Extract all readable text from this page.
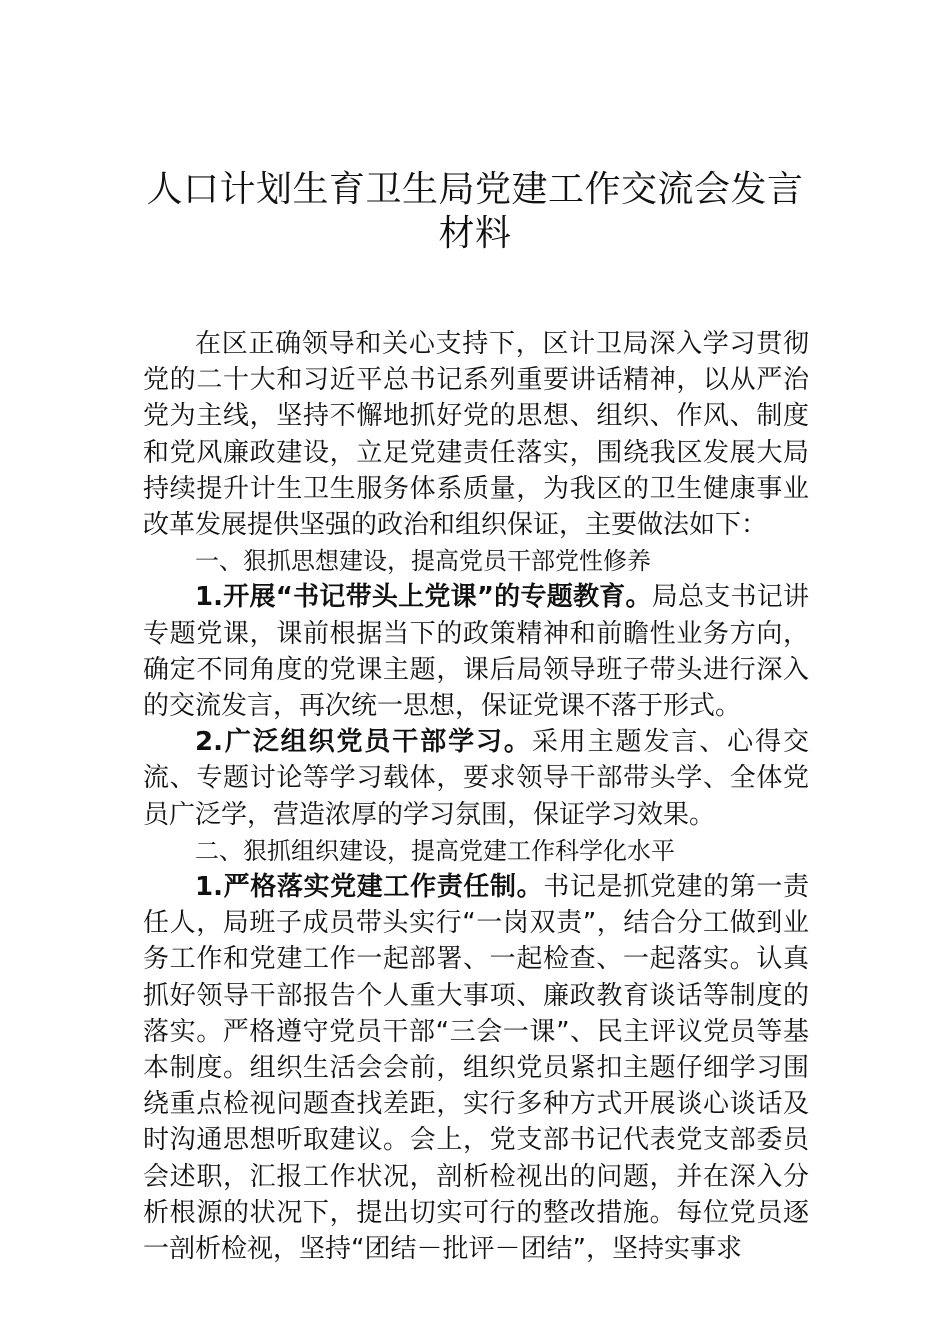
人口计划生育卫生局党建工作交流会发言
材料

在区正确领导和关心支持下，区计卫局深入学习贯彻党的二十大和习近平总书记系列重要讲话精神，以从严治党为主线，坚持不懈地抓好党的思想、组织、作风、制度和党风廉政建设，立足党建责任落实，围绕我区发展大局持续提升计生卫生服务体系质量，为我区的卫生健康事业改革发展提供坚强的政治和组织保证，主要做法如下：

一、狠抓思想建设，提高党员干部党性修养

1.开展“书记带头上党课”的专题教育。局总支书记讲专题党课，课前根据当下的政策精神和前瞻性业务方向，确定不同角度的党课主题，课后局领导班子带头进行深入的交流发言，再次统一思想，保证党课不落于形式。

2.广泛组织党员干部学习。采用主题发言、心得交流、专题讨论等学习载体，要求领导干部带头学、全体党员广泛学，营造浓厚的学习氛围，保证学习效果。

二、狠抓组织建设，提高党建工作科学化水平

1.严格落实党建工作责任制。书记是抓党建的第一责任人，局班子成员带头实行“一岗双责”，结合分工做到业务工作和党建工作一起部署、一起检查、一起落实。认真抓好领导干部报告个人重大事项、廉政教育谈话等制度的落实。严格遵守党员干部“三会一课”、民主评议党员等基本制度。组织生活会会前，组织党员紧扣主题仔细学习围绕重点检视问题查找差距，实行多种方式开展谈心谈话及时沟通思想听取建议。会上，党支部书记代表党支部委员会述职，汇报工作状况，剖析检视出的问题，并在深入分析根源的状况下，提出切实可行的整改措施。每位党员逐一剖析检视，坚持“团结－批评－团结”，坚持实事求
